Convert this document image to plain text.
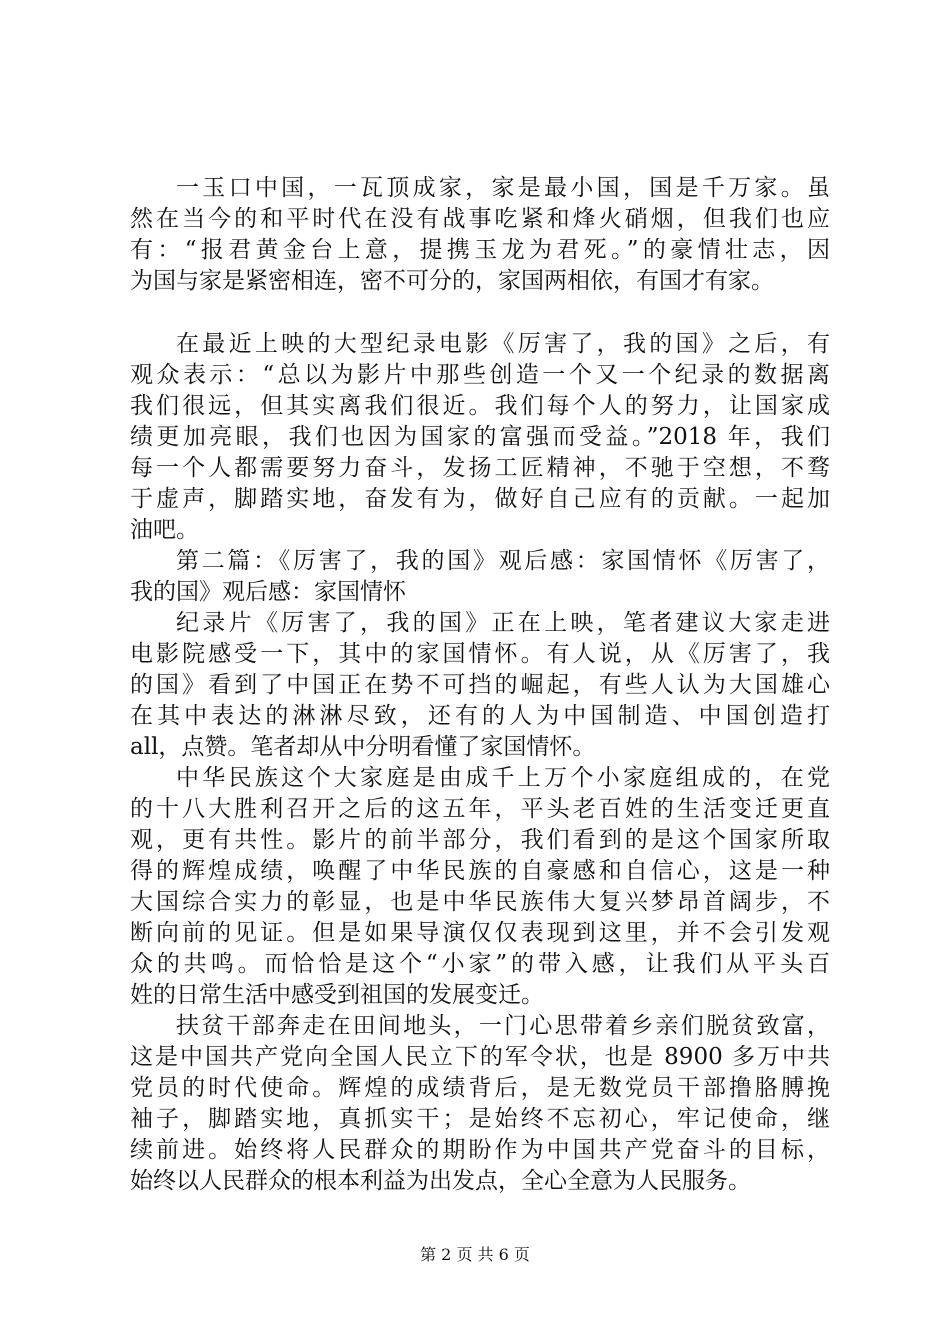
一玉口中国，一瓦顶成家，家是最小国，国是千万家。虽
然在当今的和平时代在没有战事吃紧和烽火硝烟，但我们也应
有：“报君黄金台上意，提携玉龙为君死。”的豪情壮志，因
为国与家是紧密相连，密不可分的，家国两相依，有国才有家。
在最近上映的大型纪录电影《厉害了，我的国》之后，有
观众表示：“总以为影片中那些创造一个又一个纪录的数据离
我们很远，但其实离我们很近。我们每个人的努力，让国家成
绩更加亮眼，我们也因为国家的富强而受益。”2018 年，我们
每一个人都需要努力奋斗，发扬工匠精神，不驰于空想，不骛
于虚声，脚踏实地，奋发有为，做好自己应有的贡献。一起加
油吧。
第二篇：《厉害了，我的国》观后感：家国情怀《厉害了，
我的国》观后感：家国情怀
纪录片《厉害了，我的国》正在上映，笔者建议大家走进
电影院感受一下，其中的家国情怀。有人说，从《厉害了，我
的国》看到了中国正在势不可挡的崛起，有些人认为大国雄心
在其中表达的淋淋尽致，还有的人为中国制造、中国创造打
all，点赞。笔者却从中分明看懂了家国情怀。
中华民族这个大家庭是由成千上万个小家庭组成的，在党
的十八大胜利召开之后的这五年，平头老百姓的生活变迁更直
观，更有共性。影片的前半部分，我们看到的是这个国家所取
得的辉煌成绩，唤醒了中华民族的自豪感和自信心，这是一种
大国综合实力的彰显，也是中华民族伟大复兴梦昂首阔步，不
断向前的见证。但是如果导演仅仅表现到这里，并不会引发观
众的共鸣。而恰恰是这个“小家”的带入感，让我们从平头百
姓的日常生活中感受到祖国的发展变迁。
扶贫干部奔走在田间地头，一门心思带着乡亲们脱贫致富，
这是中国共产党向全国人民立下的军令状，也是 8900 多万中共
党员的时代使命。辉煌的成绩背后，是无数党员干部撸胳膊挽
袖子，脚踏实地，真抓实干；是始终不忘初心，牢记使命，继
续前进。始终将人民群众的期盼作为中国共产党奋斗的目标，
始终以人民群众的根本利益为出发点，全心全意为人民服务。
第 2 页 共 6 页
